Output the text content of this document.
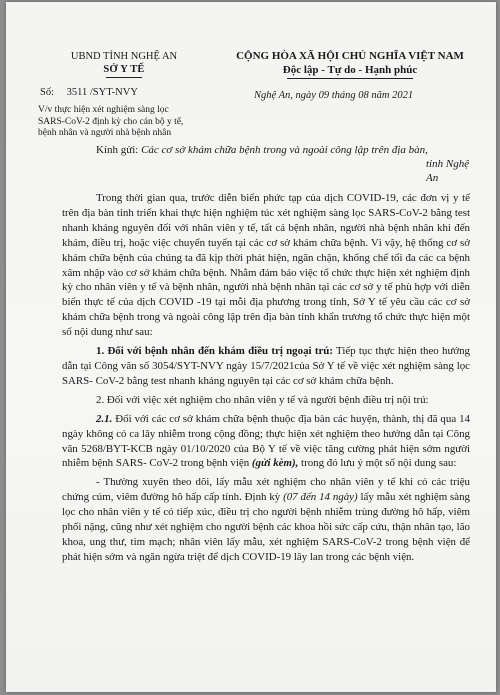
UBND TỈNH NGHỆ AN
SỞ Y TẾ
CỘNG HÒA XÃ HỘI CHỦ NGHĨA VIỆT NAM
Độc lập - Tự do - Hạnh phúc
Số: 3511 /SYT-NVY	Nghệ An, ngày 09 tháng 08 năm 2021
V/v thực hiện xét nghiệm sàng lọc SARS-CoV-2 định kỳ cho cán bộ y tế, bệnh nhân và người nhà bệnh nhân
Kính gửi: Các cơ sở khám chữa bệnh trong và ngoài công lập trên địa bàn,
tỉnh Nghệ An

Trong thời gian qua, trước diễn biến phức tạp của dịch COVID-19, các đơn vị y tế trên địa bàn tỉnh triển khai thực hiện nghiệm túc xét nghiệm sàng lọc SARS-CoV-2 bằng test nhanh kháng nguyên đối với nhân viên y tế, tất cả bệnh nhân, người nhà bệnh nhân khi đến khám, điều trị, hoặc việc chuyển tuyến tại các cơ sở khám chữa bệnh. Vì vậy, hệ thống cơ sở khám chữa bệnh của chúng ta đã kịp thời phát hiện, ngăn chặn, khống chế tối đa các ca bệnh xâm nhập vào cơ sở khám chữa bệnh. Nhằm đảm bảo việc tổ chức thực hiện xét nghiệm định kỳ cho nhân viên y tế và bệnh nhân, người nhà bệnh nhân tại các cơ sở y tế phù hợp với diễn biến thực tế của dịch COVID -19 tại mỗi địa phương trong tỉnh, Sở Y tế yêu cầu các cơ sở khám chữa bệnh trong và ngoài công lập trên địa bàn tỉnh khẩn trương tổ chức thực hiện một số nội dung như sau:

1. Đối với bệnh nhân đến khám điều trị ngoại trú: Tiếp tục thực hiện theo hướng dẫn tại Công văn số 3054/SYT-NVY ngày 15/7/2021của Sở Y tế về việc xét nghiệm sàng lọc SARS- CoV-2 bằng test nhanh kháng nguyên tại các cơ sở khám chữa bệnh.

2. Đối với việc xét nghiệm cho nhân viên y tế và người bệnh điều trị nội trú:

2.1. Đối với các cơ sở khám chữa bệnh thuộc địa bàn các huyện, thành, thị đã qua 14 ngày không có ca lây nhiễm trong cộng đồng; thực hiện xét nghiệm theo hướng dẫn tại Công văn 5268/BYT-KCB ngày 01/10/2020 của Bộ Y tế về việc tăng cường phát hiện sớm người nhiễm bệnh SARS- CoV-2 trong bệnh viện (gửi kèm), trong đó lưu ý một số nội dung sau:

- Thường xuyên theo dõi, lấy mẫu xét nghiệm cho nhân viên y tế khi có các triệu chứng cúm, viêm đường hô hấp cấp tính. Định kỳ (07 đến 14 ngày) lấy mẫu xét nghiệm sàng lọc cho nhân viên y tế có tiếp xúc, điều trị cho người bệnh nhiễm trùng đường hô hấp, viêm phổi nặng, cũng như xét nghiệm cho người bệnh các khoa hồi sức cấp cứu, thận nhân tạo, lão khoa, ung thư, tim mạch; nhân viên lấy mẫu, xét nghiệm SARS-CoV-2 trong bệnh viện để phát hiện sớm và ngăn ngừa triệt để dịch COVID-19 lây lan trong các bệnh viện.
